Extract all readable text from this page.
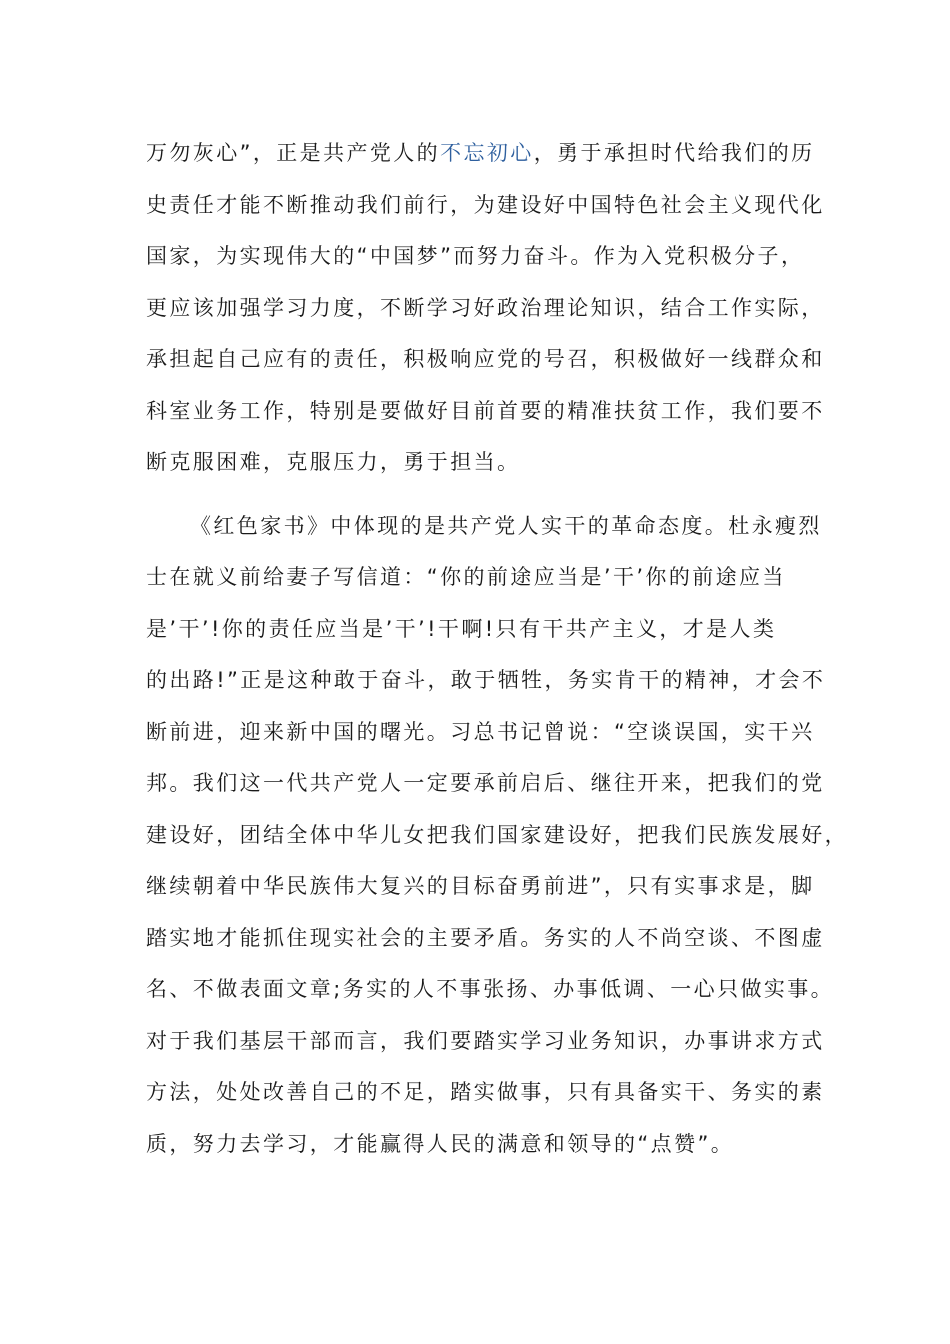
万勿灰心”，正是共产党人的不忘初心，勇于承担时代给我们的历
史责任才能不断推动我们前行，为建设好中国特色社会主义现代化
国家，为实现伟大的“中国梦”而努力奋斗。作为入党积极分子，
更应该加强学习力度，不断学习好政治理论知识，结合工作实际，
承担起自己应有的责任，积极响应党的号召，积极做好一线群众和
科室业务工作，特别是要做好目前首要的精准扶贫工作，我们要不
断克服困难，克服压力，勇于担当。
《红色家书》中体现的是共产党人实干的革命态度。杜永瘦烈
士在就义前给妻子写信道：“你的前途应当是’干’你的前途应当
是’干’!你的责任应当是’干’!干啊!只有干共产主义，才是人类
的出路!”正是这种敢于奋斗，敢于牺牲，务实肯干的精神，才会不
断前进，迎来新中国的曙光。习总书记曾说：“空谈误国，实干兴
邦。我们这一代共产党人一定要承前启后、继往开来，把我们的党
建设好，团结全体中华儿女把我们国家建设好，把我们民族发展好，
继续朝着中华民族伟大复兴的目标奋勇前进”，只有实事求是，脚
踏实地才能抓住现实社会的主要矛盾。务实的人不尚空谈、不图虚
名、不做表面文章;务实的人不事张扬、办事低调、一心只做实事。
对于我们基层干部而言，我们要踏实学习业务知识，办事讲求方式
方法，处处改善自己的不足，踏实做事，只有具备实干、务实的素
质，努力去学习，才能赢得人民的满意和领导的“点赞”。
